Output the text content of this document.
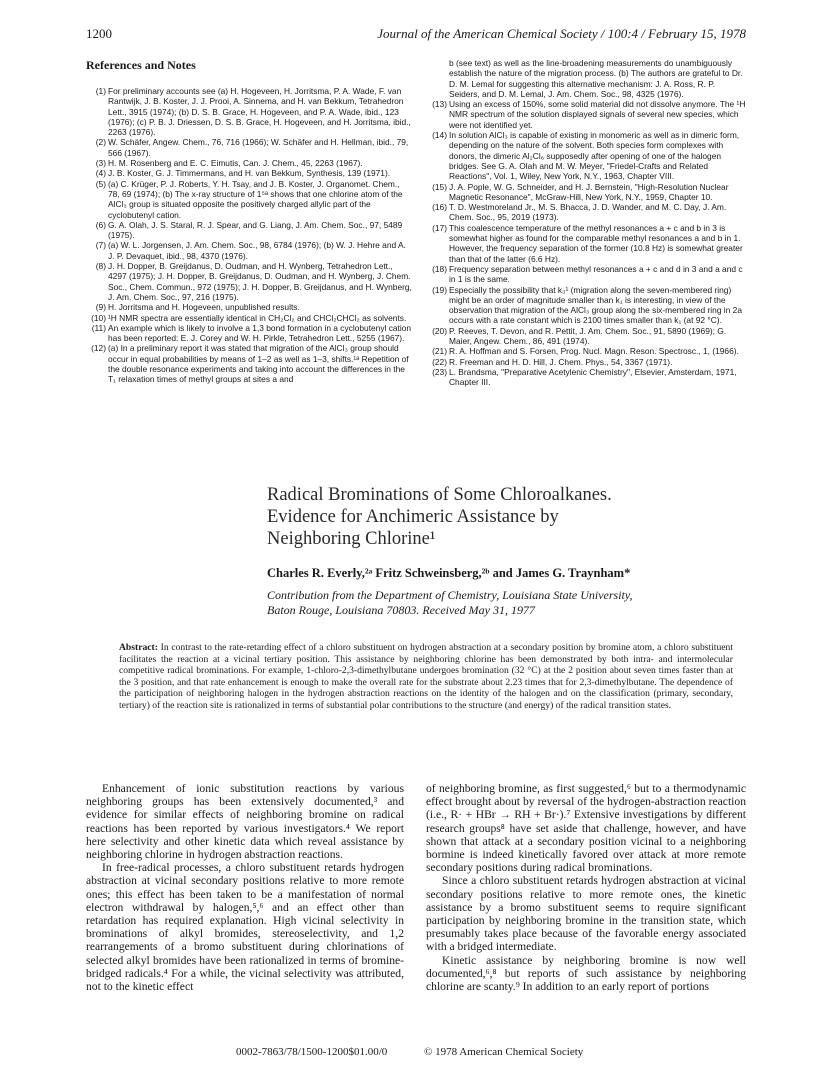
1200	Journal of the American Chemical Society / 100:4 / February 15, 1978
References and Notes
(1) For preliminary accounts see (a) H. Hogeveen, H. Jorritsma, P. A. Wade, F. van Rantwijk, J. B. Koster, J. J. Prooi, A. Sinnema, and H. van Bekkum, Tetrahedron Lett., 3915 (1974); (b) D. S. B. Grace, H. Hogeveen, and P. A. Wade, ibid., 123 (1976); (c) P. B. J. Driessen, D. S. B. Grace, H. Hogeveen, and H. Jorritsma, ibid., 2263 (1976).
(2) W. Schäfer, Angew. Chem., 76, 716 (1966); W. Schäfer and H. Hellman, ibid., 79, 566 (1967).
(3) H. M. Rosenberg and E. C. Eimutis, Can. J. Chem., 45, 2263 (1967).
(4) J. B. Koster, G. J. Timmermans, and H. van Bekkum, Synthesis, 139 (1971).
(5) (a) C. Krüger, P. J. Roberts, Y. H. Tsay, and J. B. Koster, J. Organomet. Chem., 78, 69 (1974); (b) The x-ray structure of 1⁵ᵃ shows that one chlorine atom of the AlCl₃ group is situated opposite the positively charged allylic part of the cyclobutenyl cation.
(6) G. A. Olah, J. S. Staral, R. J. Spear, and G. Liang, J. Am. Chem. Soc., 97, 5489 (1975).
(7) (a) W. L. Jorgensen, J. Am. Chem. Soc., 98, 6784 (1976); (b) W. J. Hehre and A. J. P. Devaquet, ibid., 98, 4370 (1976).
(8) J. H. Dopper, B. Greijdanus, D. Oudman, and H. Wynberg, Tetrahedron Lett., 4297 (1975); J. H. Dopper, B. Greijdanus, D. Oudman, and H. Wynberg, J. Chem. Soc., Chem. Commun., 972 (1975); J. H. Dopper, B. Greijdanus, and H. Wynberg, J. Am. Chem. Soc., 97, 216 (1975).
(9) H. Jorritsma and H. Hogeveen, unpublished results.
(10) ¹H NMR spectra are essentially identical in CH₂Cl₂ and CHCl₂CHCl₂ as solvents.
(11) An example which is likely to involve a 1,3 bond formation in a cyclobutenyl cation has been reported: E. J. Corey and W. H. Pirkle, Tetrahedron Lett., 5255 (1967).
(12) (a) In a preliminary report it was stated that migration of the AlCl₃ group should occur in equal probabilities by means of 1–2 as well as 1–3, shifts.¹ᵃ Repetition of the double resonance experiments and taking into account the differences in the T₁ relaxation times of methyl groups at sites a and
b (see text) as well as the line-broadening measurements do unambiguously establish the nature of the migration process. (b) The authors are grateful to Dr. D. M. Lemal for suggesting this alternative mechanism: J. A. Ross, R. P. Seiders, and D. M. Lemal, J. Am. Chem. Soc., 98, 4325 (1976).
(13) Using an excess of 150%, some solid material did not dissolve anymore. The ¹H NMR spectrum of the solution displayed signals of several new species, which were not identified yet.
(14) In solution AlCl₃ is capable of existing in monomeric as well as in dimeric form, depending on the nature of the solvent. Both species form complexes with donors, the dimeric Al₂Cl₆ supposedly after opening of one of the halogen bridges. See G. A. Olah and M. W. Meyer, "Friedel-Crafts and Related Reactions", Vol. 1, Wiley, New York, N.Y., 1963, Chapter VIII.
(15) J. A. Pople, W. G. Schneider, and H. J. Bernstein, "High-Resolution Nuclear Magnetic Resonance", McGraw-Hill, New York, N.Y., 1959, Chapter 10.
(16) T. D. Westmoreland Jr., M. S. Bhacca, J. D. Wander, and M. C. Day, J. Am. Chem. Soc., 95, 2019 (1973).
(17) This coalescence temperature of the methyl resonances a + c and b in 3 is somewhat higher as found for the comparable methyl resonances a and b in 1. However, the frequency separation of the former (10.8 Hz) is somewhat greater than that of the latter (6.6 Hz).
(18) Frequency separation between methyl resonances a + c and d in 3 and a and c in 1 is the same.
(19) Especially the possibility that k₃¹ (migration along the seven-membered ring) might be an order of magnitude smaller than k₁ is interesting, in view of the observation that migration of the AlCl₃ group along the six-membered ring in 2a occurs with a rate constant which is 2100 times smaller than k₁ (at 92 °C).
(20) P. Reeves, T. Devon, and R. Pettit, J. Am. Chem. Soc., 91, 5890 (1969); G. Maier, Angew. Chem., 86, 491 (1974).
(21) R. A. Hoffman and S. Forsen, Prog. Nucl. Magn. Reson. Spectrosc., 1, (1966).
(22) R. Freeman and H. D. Hill, J. Chem. Phys., 54, 3367 (1971).
(23) L. Brandsma, "Preparative Acetylenic Chemistry", Elsevier, Amsterdam, 1971, Chapter III.
Radical Brominations of Some Chloroalkanes.
Evidence for Anchimeric Assistance by
Neighboring Chlorine¹
Charles R. Everly,²ᵃ Fritz Schweinsberg,²ᵇ and James G. Traynham*
Contribution from the Department of Chemistry, Louisiana State University,
Baton Rouge, Louisiana 70803. Received May 31, 1977
Abstract: In contrast to the rate-retarding effect of a chloro substituent on hydrogen abstraction at a secondary position by bromine atom, a chloro substituent facilitates the reaction at a vicinal tertiary position. This assistance by neighboring chlorine has been demonstrated by both intra- and intermolecular competitive radical brominations. For example, 1-chloro-2,3-dimethylbutane undergoes bromination (32 °C) at the 2 position about seven times faster than at the 3 position, and that rate enhancement is enough to make the overall rate for the substrate about 2.23 times that for 2,3-dimethylbutane. The dependence of the participation of neighboring halogen in the hydrogen abstraction reactions on the identity of the halogen and on the classification (primary, secondary, tertiary) of the reaction site is rationalized in terms of substantial polar contributions to the structure (and energy) of the radical transition states.

Enhancement of ionic substitution reactions by various neighboring groups has been extensively documented,³ and evidence for similar effects of neighboring bromine on radical reactions has been reported by various investigators.⁴ We report here selectivity and other kinetic data which reveal assistance by neighboring chlorine in hydrogen abstraction reactions.

In free-radical processes, a chloro substituent retards hydrogen abstraction at vicinal secondary positions relative to more remote ones; this effect has been taken to be a manifestation of normal electron withdrawal by halogen,⁵,⁶ and an effect other than retardation has required explanation. High vicinal selectivity in brominations of alkyl bromides, stereoselectivity, and 1,2 rearrangements of a bromo substituent during chlorinations of selected alkyl bromides have been rationalized in terms of bromine-bridged radicals.⁴ For a while, the vicinal selectivity was attributed, not to the kinetic effect

of neighboring bromine, as first suggested,⁶ but to a thermodynamic effect brought about by reversal of the hydrogen-abstraction reaction (i.e., R· + HBr → RH + Br·).⁷ Extensive investigations by different research groups⁸ have set aside that challenge, however, and have shown that attack at a secondary position vicinal to a neighboring bormine is indeed kinetically favored over attack at more remote secondary positions during radical brominations.

Since a chloro substituent retards hydrogen abstraction at vicinal secondary positions relative to more remote ones, the kinetic assistance by a bromo substituent seems to require significant participation by neighboring bromine in the transition state, which presumably takes place because of the favorable energy associated with a bridged intermediate.

Kinetic assistance by neighboring bromine is now well documented,⁶,⁸ but reports of such assistance by neighboring chlorine are scanty.⁹ In addition to an early report of portions

0002-7863/78/1500-1200$01.00/0	© 1978 American Chemical Society
